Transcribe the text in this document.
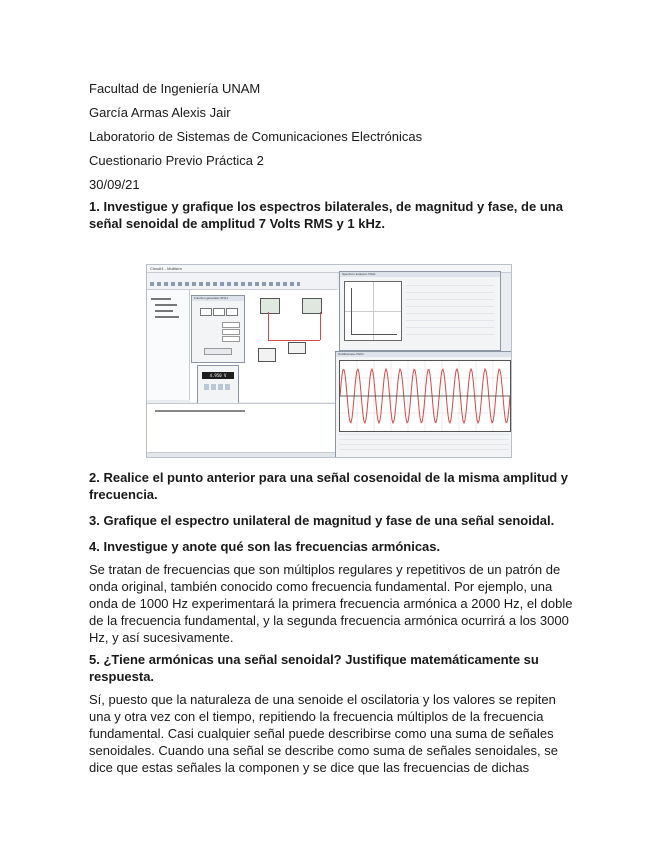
Facultad de Ingeniería UNAM
García Armas Alexis Jair
Laboratorio de Sistemas de Comunicaciones Electrónicas
Cuestionario Previo Práctica 2
30/09/21
1. Investigue y grafique los espectros bilaterales, de magnitud y fase, de una señal senoidal de amplitud 7 Volts RMS y 1 kHz.
Circuit1 - Multisim
Function generator-XFG1
4.950 V
Spectrum analyzer-XSA1
Oscilloscope-XSC1
2. Realice el punto anterior para una señal cosenoidal de la misma amplitud y frecuencia.
3. Grafique el espectro unilateral de magnitud y fase de una señal senoidal.
4. Investigue y anote qué son las frecuencias armónicas.
Se tratan de frecuencias que son múltiplos regulares y repetitivos de un patrón de onda original, también conocido como frecuencia fundamental. Por ejemplo, una onda de 1000 Hz experimentará la primera frecuencia armónica a 2000 Hz, el doble de la frecuencia fundamental, y la segunda frecuencia armónica ocurrirá a los 3000 Hz, y así sucesivamente.
5. ¿Tiene armónicas una señal senoidal? Justifique matemáticamente su respuesta.
Sí, puesto que la naturaleza de una senoide el oscilatoria y los valores se repiten una y otra vez con el tiempo, repitiendo la frecuencia múltiplos de la frecuencia fundamental. Casi cualquier señal puede describirse como una suma de señales senoidales. Cuando una señal se describe como suma de señales senoidales, se dice que estas señales la componen y se dice que las frecuencias de dichas
